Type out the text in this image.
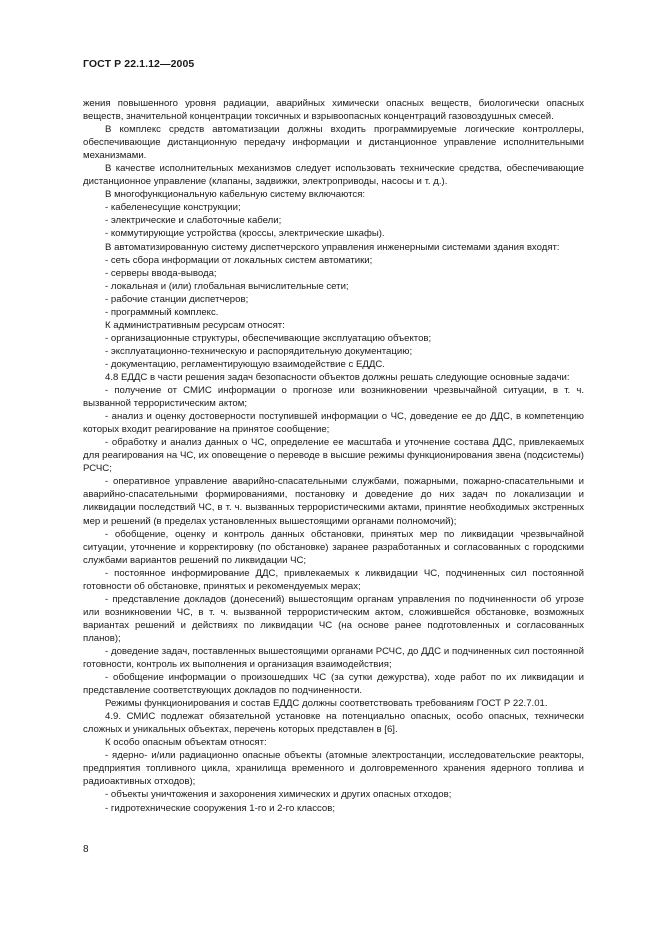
ГОСТ Р 22.1.12—2005

жения повышенного уровня радиации, аварийных химически опасных веществ, биологически опасных веществ, значительной концентрации токсичных и взрывоопасных концентраций газовоздушных смесей.

В комплекс средств автоматизации должны входить программируемые логические контроллеры, обеспечивающие дистанционную передачу информации и дистанционное управление исполнительными механизмами.

В качестве исполнительных механизмов следует использовать технические средства, обеспечивающие дистанционное управление (клапаны, задвижки, электроприводы, насосы и т. д.).

В многофункциональную кабельную систему включаются:

- кабеленесущие конструкции;

- электрические и слаботочные кабели;

- коммутирующие устройства (кроссы, электрические шкафы).

В автоматизированную систему диспетчерского управления инженерными системами здания входят:

- сеть сбора информации от локальных систем автоматики;

- серверы ввода-вывода;

- локальная и (или) глобальная вычислительные сети;

- рабочие станции диспетчеров;

- программный комплекс.

К административным ресурсам относят:

- организационные структуры, обеспечивающие эксплуатацию объектов;

- эксплуатационно-техническую и распорядительную документацию;

- документацию, регламентирующую взаимодействие с ЕДДС.

4.8 ЕДДС в части решения задач безопасности объектов должны решать следующие основные задачи:

- получение от СМИС информации о прогнозе или возникновении чрезвычайной ситуации, в т. ч. вызванной террористическим актом;

- анализ и оценку достоверности поступившей информации о ЧС, доведение ее до ДДС, в компетенцию которых входит реагирование на принятое сообщение;

- обработку и анализ данных о ЧС, определение ее масштаба и уточнение состава ДДС, привлекаемых для реагирования на ЧС, их оповещение о переводе в высшие режимы функционирования звена (подсистемы) РСЧС;

- оперативное управление аварийно-спасательными службами, пожарными, пожарно-спасательными и аварийно-спасательными формированиями, постановку и доведение до них задач по локализации и ликвидации последствий ЧС, в т. ч. вызванных террористическими актами, принятие необходимых экстренных мер и решений (в пределах установленных вышестоящими органами полномочий);

- обобщение, оценку и контроль данных обстановки, принятых мер по ликвидации чрезвычайной ситуации, уточнение и корректировку (по обстановке) заранее разработанных и согласованных с городскими службами вариантов решений по ликвидации ЧС;

- постоянное информирование ДДС, привлекаемых к ликвидации ЧС, подчиненных сил постоянной готовности об обстановке, принятых и рекомендуемых мерах;

- представление докладов (донесений) вышестоящим органам управления по подчиненности об угрозе или возникновении ЧС, в т. ч. вызванной террористическим актом, сложившейся обстановке, возможных вариантах решений и действиях по ликвидации ЧС (на основе ранее подготовленных и согласованных планов);

- доведение задач, поставленных вышестоящими органами РСЧС, до ДДС и подчиненных сил постоянной готовности, контроль их выполнения и организация взаимодействия;

- обобщение информации о произошедших ЧС (за сутки дежурства), ходе работ по их ликвидации и представление соответствующих докладов по подчиненности.

Режимы функционирования и состав ЕДДС должны соответствовать требованиям ГОСТ Р 22.7.01.

4.9. СМИС подлежат обязательной установке на потенциально опасных, особо опасных, технически сложных и уникальных объектах, перечень которых представлен в [6].

К особо опасным объектам относят:

- ядерно- и/или радиационно опасные объекты (атомные электростанции, исследовательские реакторы, предприятия топливного цикла, хранилища временного и долговременного хранения ядерного топлива и радиоактивных отходов);

- объекты уничтожения и захоронения химических и других опасных отходов;

- гидротехнические сооружения 1-го и 2-го классов;

8
